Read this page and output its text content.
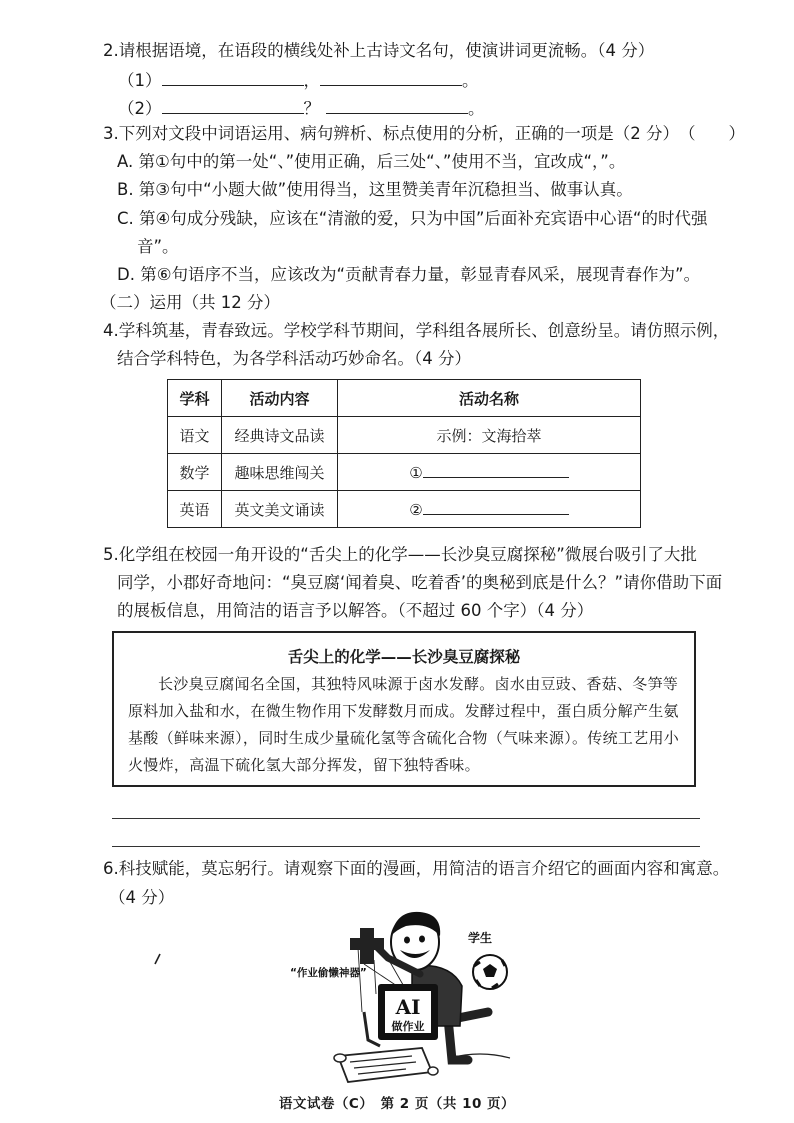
2.请根据语境，在语段的横线处补上古诗文名句，使演讲词更流畅。（4 分）
（1）	，	。
（2）	？	。
3.下列对文段中词语运用、病句辨析、标点使用的分析，正确的一项是（2 分）　（　　）
A. 第①句中的第一处“、”使用正确，后三处“、”使用不当，宜改成“，”。
B. 第③句中“小题大做”使用得当，这里赞美青年沉稳担当、做事认真。
C. 第④句成分残缺，应该在“清澈的爱，只为中国”后面补充宾语中心语“的时代强
音”。
D. 第⑥句语序不当，应该改为“贡献青春力量，彰显青春风采，展现青春作为”。
（二）运用（共 12 分）
4.学科筑基，青春致远。学校学科节期间，学科组各展所长、创意纷呈。请仿照示例，
结合学科特色，为各学科活动巧妙命名。（4 分）
学科	活动内容	活动名称
语文	经典诗文品读	示例：文海拾萃
数学	趣味思维闯关	①
英语	英文美文诵读	②
5.化学组在校园一角开设的“舌尖上的化学——长沙臭豆腐探秘”微展台吸引了大批
同学，小郡好奇地问：“臭豆腐‘闻着臭、吃着香’的奥秘到底是什么？”请你借助下面
的展板信息，用简洁的语言予以解答。（不超过 60 个字）（4 分）
舌尖上的化学——长沙臭豆腐探秘
长沙臭豆腐闻名全国，其独特风味源于卤水发酵。卤水由豆豉、香菇、冬笋等原料加入盐和水，在微生物作用下发酵数月而成。发酵过程中，蛋白质分解产生氨基酸（鲜味来源），同时生成少量硫化氢等含硫化合物（气味来源）。传统工艺用小火慢炸，高温下硫化氢大部分挥发，留下独特香味。
6.科技赋能，莫忘躬行。请观察下面的漫画，用简洁的语言介绍它的画面内容和寓意。
（4 分）
AI
做作业
学生
“作业偷懒神器”
语文试卷（C）　第 2 页（共 10 页）
